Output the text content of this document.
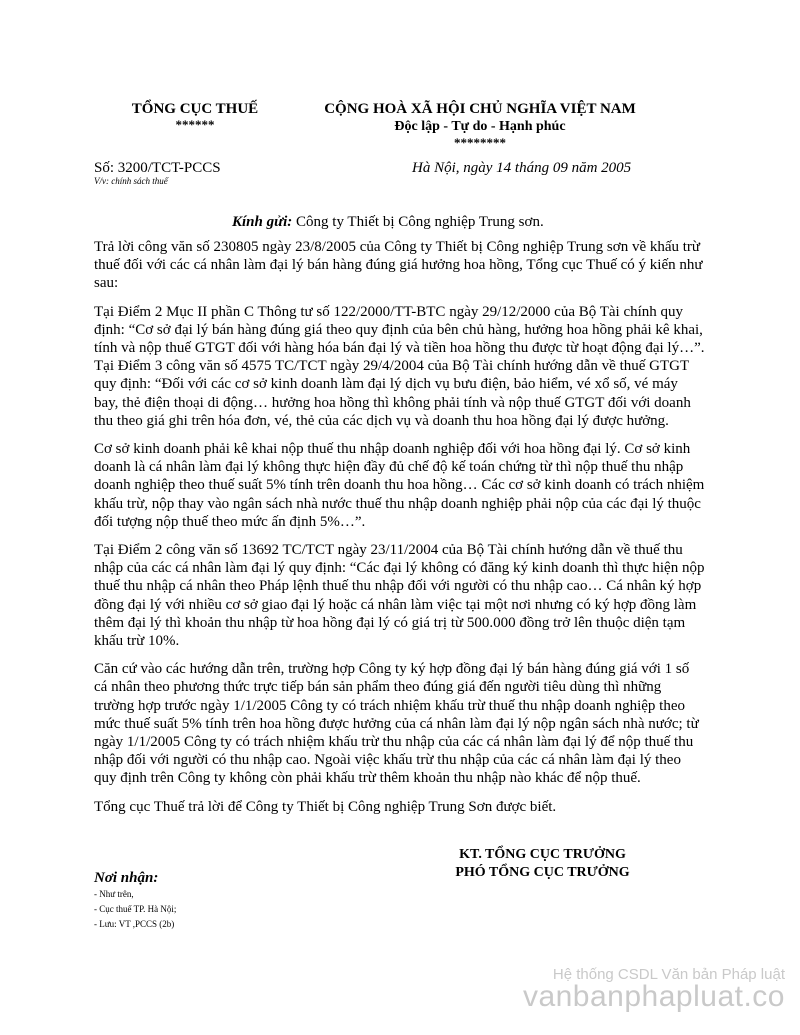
TỔNG CỤC THUẾ
******
CỘNG HOÀ XÃ HỘI CHỦ NGHĨA VIỆT NAM
Độc lập - Tự do - Hạnh phúc
********
Số: 3200/TCT-PCCS
V/v: chính sách thuế
Hà Nội, ngày 14 tháng 09 năm 2005
Kính gửi: Công ty Thiết bị Công nghiệp Trung sơn.

Trả lời công văn số 230805 ngày 23/8/2005 của Công ty Thiết bị Công nghiệp Trung sơn về khấu trừ thuế đối với các cá nhân làm đại lý bán hàng đúng giá hưởng hoa hồng, Tổng cục Thuế có ý kiến như sau:

Tại Điểm 2 Mục II phần C Thông tư số 122/2000/TT-BTC ngày 29/12/2000 của Bộ Tài chính quy định: “Cơ sở đại lý bán hàng đúng giá theo quy định của bên chủ hàng, hưởng hoa hồng phải kê khai, tính và nộp thuế GTGT đối với hàng hóa bán đại lý và tiền hoa hồng thu được từ hoạt động đại lý…”. Tại Điểm 3 công văn số 4575 TC/TCT ngày 29/4/2004 của Bộ Tài chính hướng dẫn về thuế GTGT quy định: “Đối với các cơ sở kinh doanh làm đại lý dịch vụ bưu điện, bảo hiểm, vé xổ số, vé máy bay, thẻ điện thoại di động… hưởng hoa hồng thì không phải tính và nộp thuế GTGT đối với doanh thu theo giá ghi trên hóa đơn, vé, thẻ của các dịch vụ và doanh thu hoa hồng đại lý được hưởng.

Cơ sở kinh doanh phải kê khai nộp thuế thu nhập doanh nghiệp đối với hoa hồng đại lý. Cơ sở kinh doanh là cá nhân làm đại lý không thực hiện đầy đủ chế độ kế toán chứng từ thì nộp thuế thu nhập doanh nghiệp theo thuế suất 5% tính trên doanh thu hoa hồng… Các cơ sở kinh doanh có trách nhiệm khấu trừ, nộp thay vào ngân sách nhà nước thuế thu nhập doanh nghiệp phải nộp của các đại lý thuộc đối tượng nộp thuế theo mức ấn định 5%…”.

Tại Điểm 2 công văn số 13692 TC/TCT ngày 23/11/2004 của Bộ Tài chính hướng dẫn về thuế thu nhập của các cá nhân làm đại lý quy định: “Các đại lý không có đăng ký kinh doanh thì thực hiện nộp thuế thu nhập cá nhân theo Pháp lệnh thuế thu nhập đối với người có thu nhập cao… Cá nhân ký hợp đồng đại lý với nhiều cơ sở giao đại lý hoặc cá nhân làm việc tại một nơi nhưng có ký hợp đồng làm thêm đại lý thì khoản thu nhập từ hoa hồng đại lý có giá trị từ 500.000 đồng trở lên thuộc diện tạm khấu trừ 10%.

Căn cứ vào các hướng dẫn trên, trường hợp Công ty ký hợp đồng đại lý bán hàng đúng giá với 1 số cá nhân theo phương thức trực tiếp bán sản phẩm theo đúng giá đến người tiêu dùng thì những trường hợp trước ngày 1/1/2005 Công ty có trách nhiệm khấu trừ thuế thu nhập doanh nghiệp theo mức thuế suất 5% tính trên hoa hồng được hưởng của cá nhân làm đại lý nộp ngân sách nhà nước; từ ngày 1/1/2005 Công ty có trách nhiệm khấu trừ thu nhập của các cá nhân làm đại lý để nộp thuế thu nhập đối với người có thu nhập cao. Ngoài việc khấu trừ thu nhập của các cá nhân làm đại lý theo quy định trên Công ty không còn phải khấu trừ thêm khoản thu nhập nào khác để nộp thuế.

Tổng cục Thuế trả lời để Công ty Thiết bị Công nghiệp Trung Sơn được biết.

KT. TỔNG CỤC TRƯỞNG
PHÓ TỔNG CỤC TRƯỞNG
Nơi nhận:
- Như trên,
- Cục thuế TP. Hà Nội;
- Lưu: VT ,PCCS (2b)
Hệ thống CSDL Văn bản Pháp luật
vanbanphapluat.co
